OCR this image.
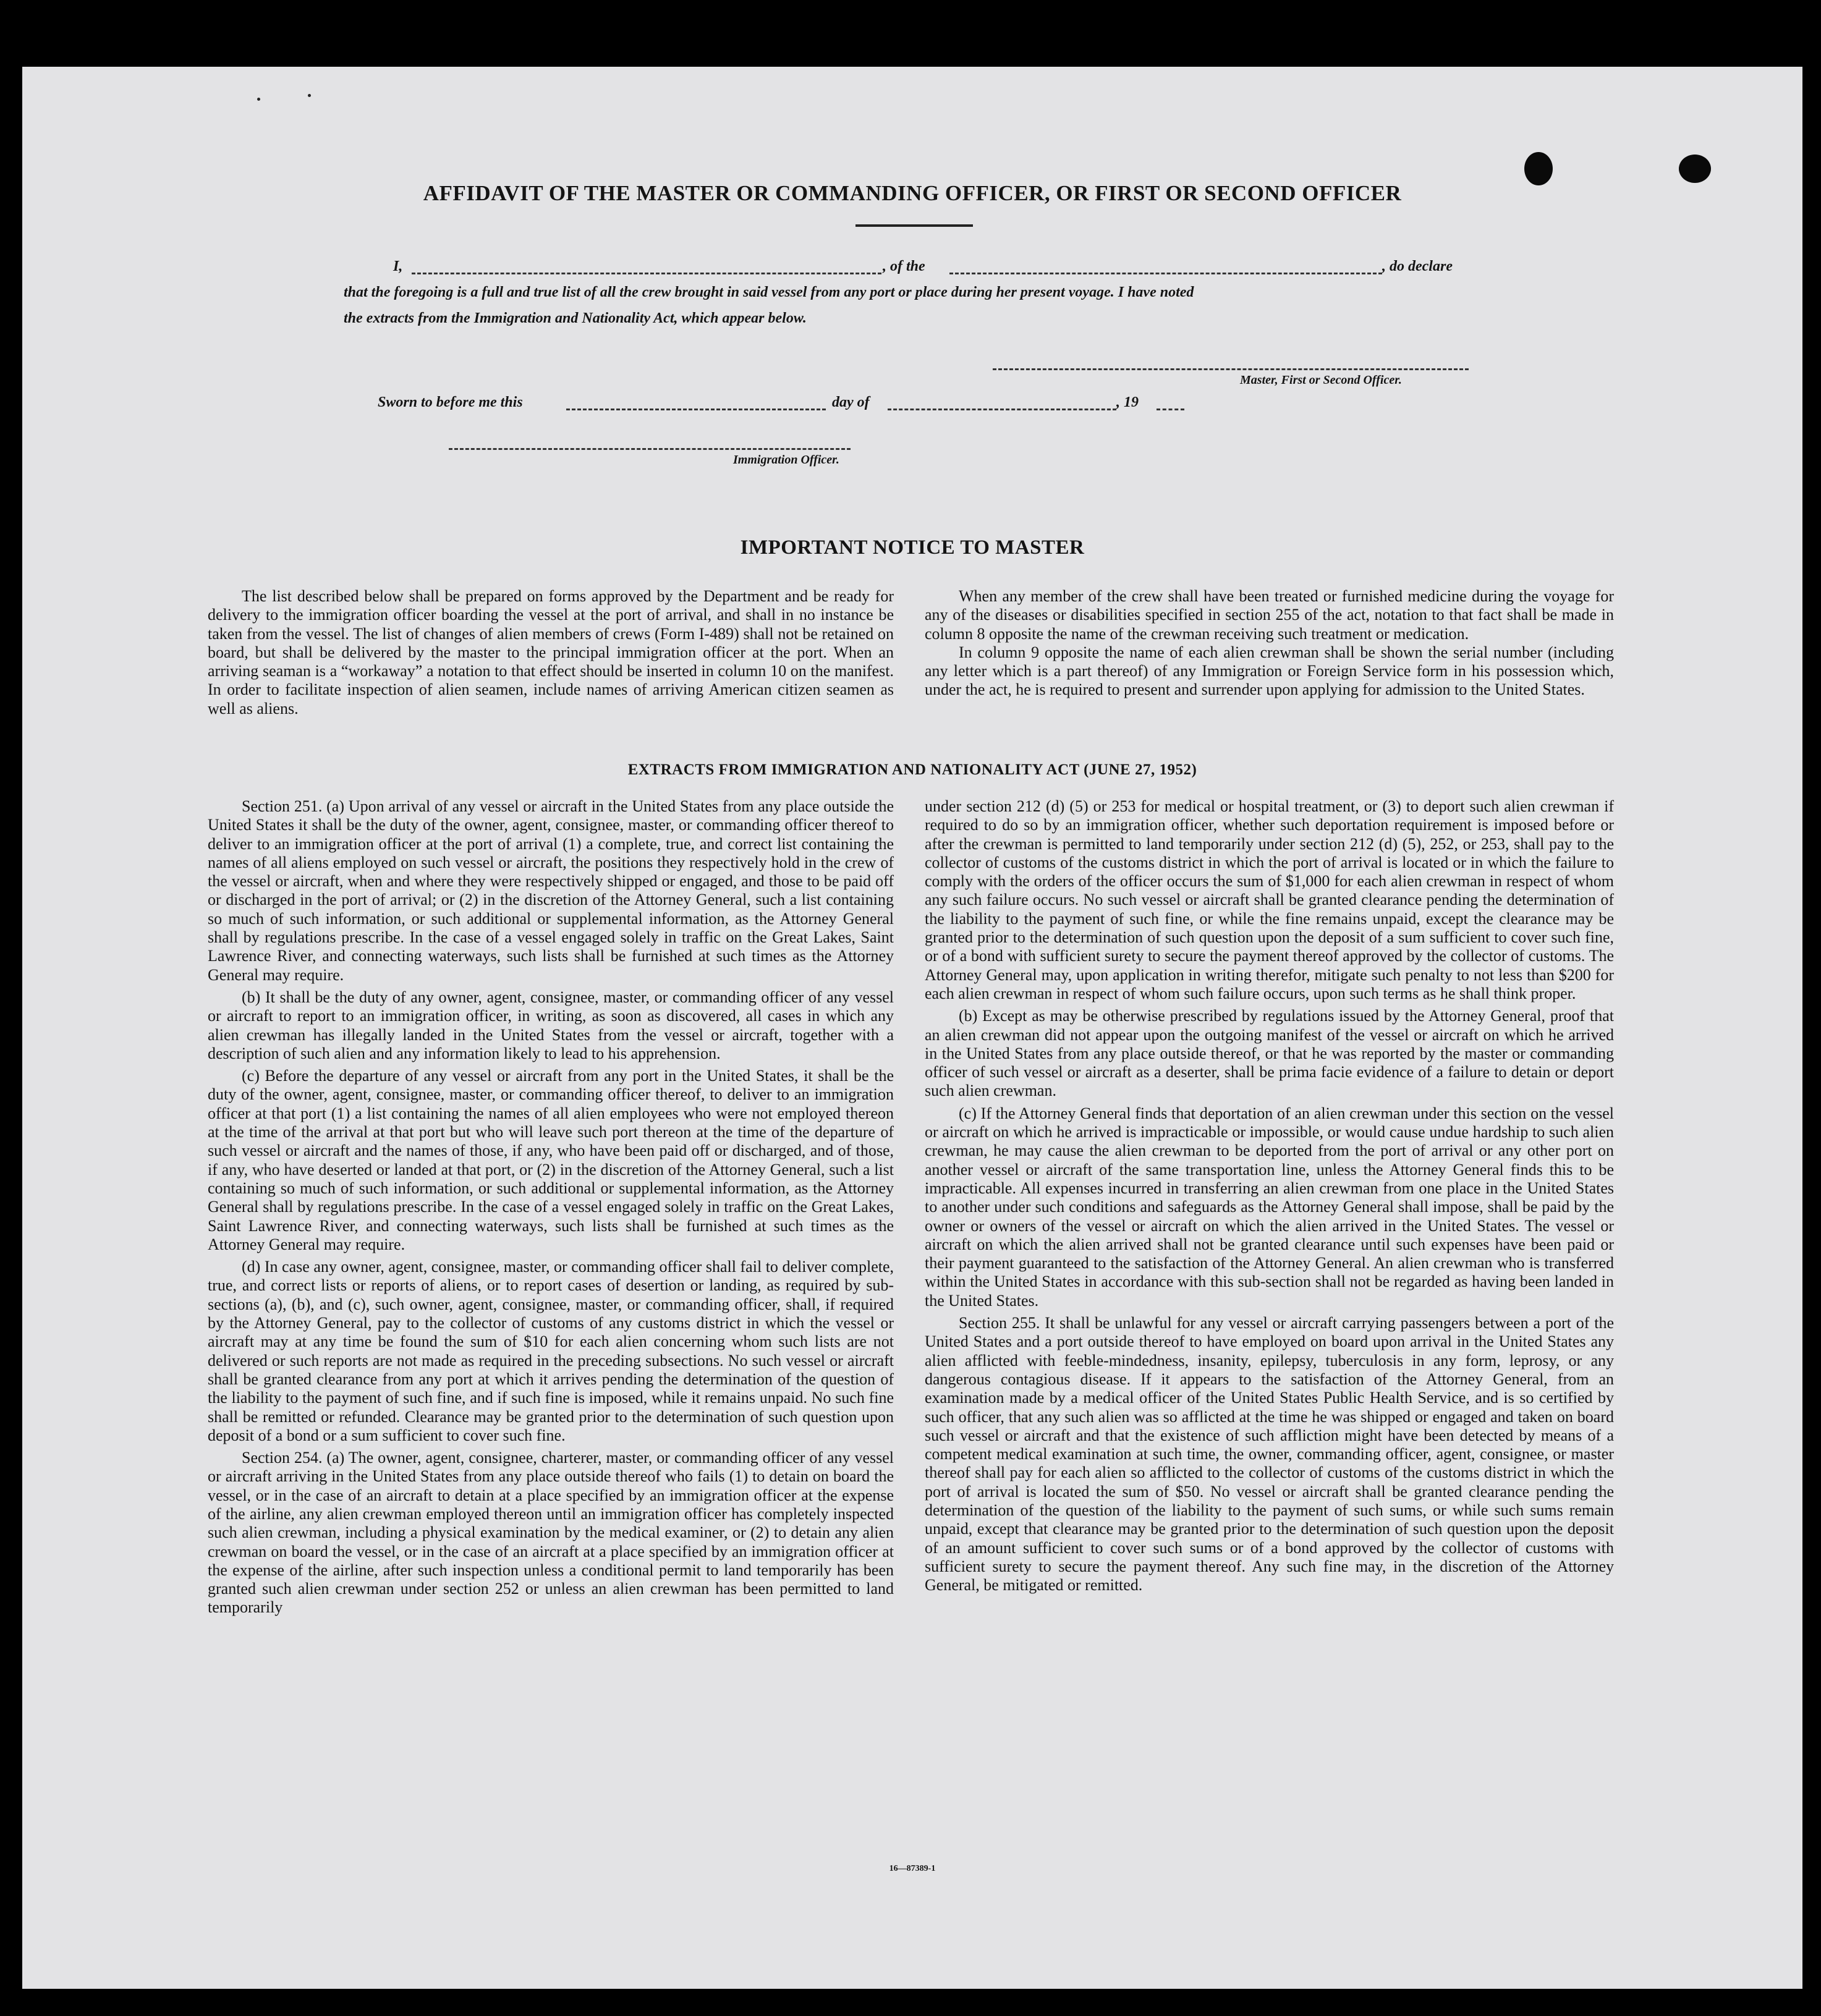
AFFIDAVIT OF THE MASTER OR COMMANDING OFFICER, OR FIRST OR SECOND OFFICER
I,	, of the	, do declare
that the foregoing is a full and true list of all the crew brought in said vessel from any port or place during her present voyage. I have noted
the extracts from the Immigration and Nationality Act, which appear below.
Master, First or Second Officer.
Sworn to before me this	day of	, 19
Immigration Officer.
IMPORTANT NOTICE TO MASTER

The list described below shall be prepared on forms approved by the Department and be ready for delivery to the immigration officer boarding the vessel at the port of arrival, and shall in no instance be taken from the vessel. The list of changes of alien members of crews (Form I-489) shall not be retained on board, but shall be delivered by the master to the principal immigration officer at the port. When an arriving seaman is a “workaway” a notation to that effect should be inserted in column 10 on the manifest. In order to facilitate inspection of alien seamen, include names of arriving American citizen seamen as well as aliens.

When any member of the crew shall have been treated or furnished medicine during the voyage for any of the diseases or disabilities specified in section 255 of the act, notation to that fact shall be made in column 8 opposite the name of the crewman receiving such treatment or medication.

In column 9 opposite the name of each alien crewman shall be shown the serial number (including any letter which is a part thereof) of any Immigration or Foreign Service form in his possession which, under the act, he is required to present and surrender upon applying for admission to the United States.

EXTRACTS FROM IMMIGRATION AND NATIONALITY ACT (JUNE 27, 1952)

Section 251. (a) Upon arrival of any vessel or aircraft in the United States from any place outside the United States it shall be the duty of the owner, agent, consignee, master, or commanding officer thereof to deliver to an immigration officer at the port of arrival (1) a complete, true, and correct list containing the names of all aliens employed on such vessel or aircraft, the positions they respectively hold in the crew of the vessel or aircraft, when and where they were respectively shipped or engaged, and those to be paid off or discharged in the port of arrival; or (2) in the discretion of the Attorney General, such a list containing so much of such information, or such additional or supplemental information, as the Attorney General shall by regulations prescribe. In the case of a vessel engaged solely in traffic on the Great Lakes, Saint Lawrence River, and connecting waterways, such lists shall be furnished at such times as the Attorney General may require.

(b) It shall be the duty of any owner, agent, consignee, master, or commanding officer of any vessel or aircraft to report to an immigration officer, in writing, as soon as discovered, all cases in which any alien crewman has illegally landed in the United States from the vessel or aircraft, together with a description of such alien and any information likely to lead to his apprehension.

(c) Before the departure of any vessel or aircraft from any port in the United States, it shall be the duty of the owner, agent, consignee, master, or commanding officer thereof, to deliver to an immigration officer at that port (1) a list containing the names of all alien employees who were not employed thereon at the time of the arrival at that port but who will leave such port thereon at the time of the departure of such vessel or aircraft and the names of those, if any, who have been paid off or discharged, and of those, if any, who have deserted or landed at that port, or (2) in the discretion of the Attorney General, such a list containing so much of such information, or such additional or supplemental information, as the Attorney General shall by regulations prescribe. In the case of a vessel engaged solely in traffic on the Great Lakes, Saint Lawrence River, and connecting waterways, such lists shall be furnished at such times as the Attorney General may require.

(d) In case any owner, agent, consignee, master, or commanding officer shall fail to deliver complete, true, and correct lists or reports of aliens, or to report cases of desertion or landing, as required by sub-sections (a), (b), and (c), such owner, agent, consignee, master, or commanding officer, shall, if required by the Attorney General, pay to the collector of customs of any customs district in which the vessel or aircraft may at any time be found the sum of $10 for each alien concerning whom such lists are not delivered or such reports are not made as required in the preceding subsections. No such vessel or aircraft shall be granted clearance from any port at which it arrives pending the determination of the question of the liability to the payment of such fine, and if such fine is imposed, while it remains unpaid. No such fine shall be remitted or refunded. Clearance may be granted prior to the determination of such question upon deposit of a bond or a sum sufficient to cover such fine.

Section 254. (a) The owner, agent, consignee, charterer, master, or commanding officer of any vessel or aircraft arriving in the United States from any place outside thereof who fails (1) to detain on board the vessel, or in the case of an aircraft to detain at a place specified by an immigration officer at the expense of the airline, any alien crewman employed thereon until an immigration officer has completely inspected such alien crewman, including a physical examination by the medical examiner, or (2) to detain any alien crewman on board the vessel, or in the case of an aircraft at a place specified by an immigration officer at the expense of the airline, after such inspection unless a conditional permit to land temporarily has been granted such alien crewman under section 252 or unless an alien crewman has been permitted to land temporarily

under section 212 (d) (5) or 253 for medical or hospital treatment, or (3) to deport such alien crewman if required to do so by an immigration officer, whether such deportation requirement is imposed before or after the crewman is permitted to land temporarily under section 212 (d) (5), 252, or 253, shall pay to the collector of customs of the customs district in which the port of arrival is located or in which the failure to comply with the orders of the officer occurs the sum of $1,000 for each alien crewman in respect of whom any such failure occurs. No such vessel or aircraft shall be granted clearance pending the determination of the liability to the payment of such fine, or while the fine remains unpaid, except the clearance may be granted prior to the determination of such question upon the deposit of a sum sufficient to cover such fine, or of a bond with sufficient surety to secure the payment thereof approved by the collector of customs. The Attorney General may, upon application in writing therefor, mitigate such penalty to not less than $200 for each alien crewman in respect of whom such failure occurs, upon such terms as he shall think proper.

(b) Except as may be otherwise prescribed by regulations issued by the Attorney General, proof that an alien crewman did not appear upon the outgoing manifest of the vessel or aircraft on which he arrived in the United States from any place outside thereof, or that he was reported by the master or commanding officer of such vessel or aircraft as a deserter, shall be prima facie evidence of a failure to detain or deport such alien crewman.

(c) If the Attorney General finds that deportation of an alien crewman under this section on the vessel or aircraft on which he arrived is impracticable or impossible, or would cause undue hardship to such alien crewman, he may cause the alien crewman to be deported from the port of arrival or any other port on another vessel or aircraft of the same transportation line, unless the Attorney General finds this to be impracticable. All expenses incurred in transferring an alien crewman from one place in the United States to another under such conditions and safeguards as the Attorney General shall impose, shall be paid by the owner or owners of the vessel or aircraft on which the alien arrived in the United States. The vessel or aircraft on which the alien arrived shall not be granted clearance until such expenses have been paid or their payment guaranteed to the satisfaction of the Attorney General. An alien crewman who is transferred within the United States in accordance with this sub-section shall not be regarded as having been landed in the United States.

Section 255. It shall be unlawful for any vessel or aircraft carrying passengers between a port of the United States and a port outside thereof to have employed on board upon arrival in the United States any alien afflicted with feeble-mindedness, insanity, epilepsy, tuberculosis in any form, leprosy, or any dangerous contagious disease. If it appears to the satisfaction of the Attorney General, from an examination made by a medical officer of the United States Public Health Service, and is so certified by such officer, that any such alien was so afflicted at the time he was shipped or engaged and taken on board such vessel or aircraft and that the existence of such affliction might have been detected by means of a competent medical examination at such time, the owner, commanding officer, agent, consignee, or master thereof shall pay for each alien so afflicted to the collector of customs of the customs district in which the port of arrival is located the sum of $50. No vessel or aircraft shall be granted clearance pending the determination of the question of the liability to the payment of such sums, or while such sums remain unpaid, except that clearance may be granted prior to the determination of such question upon the deposit of an amount sufficient to cover such sums or of a bond approved by the collector of customs with sufficient surety to secure the payment thereof. Any such fine may, in the discretion of the Attorney General, be mitigated or remitted.

16—87389-1
